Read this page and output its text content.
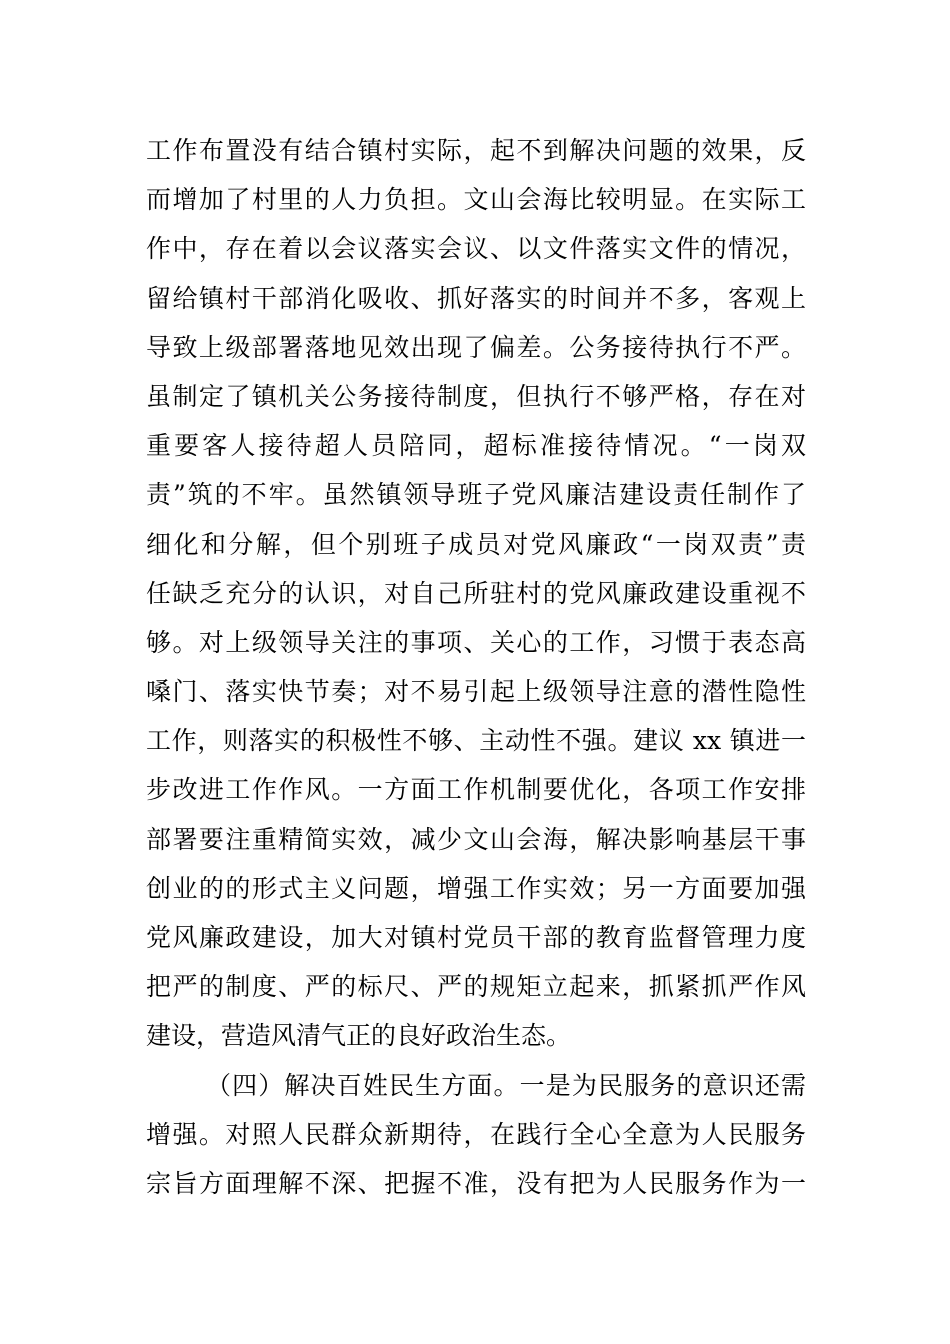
工作布置没有结合镇村实际，起不到解决问题的效果，反
而增加了村里的人力负担。文山会海比较明显。在实际工
作中，存在着以会议落实会议、以文件落实文件的情况，
留给镇村干部消化吸收、抓好落实的时间并不多，客观上
导致上级部署落地见效出现了偏差。公务接待执行不严。
虽制定了镇机关公务接待制度，但执行不够严格，存在对
重要客人接待超人员陪同，超标准接待情况。“一岗双
责”筑的不牢。虽然镇领导班子党风廉洁建设责任制作了
细化和分解，但个别班子成员对党风廉政“一岗双责”责
任缺乏充分的认识，对自己所驻村的党风廉政建设重视不
够。对上级领导关注的事项、关心的工作，习惯于表态高
嗓门、落实快节奏；对不易引起上级领导注意的潜性隐性
工作，则落实的积极性不够、主动性不强。建议 xx 镇进一
步改进工作作风。一方面工作机制要优化，各项工作安排
部署要注重精简实效，减少文山会海，解决影响基层干事
创业的的形式主义问题，增强工作实效；另一方面要加强
党风廉政建设，加大对镇村党员干部的教育监督管理力度
把严的制度、严的标尺、严的规矩立起来，抓紧抓严作风
建设，营造风清气正的良好政治生态。
（四）解决百姓民生方面。一是为民服务的意识还需
增强。对照人民群众新期待，在践行全心全意为人民服务
宗旨方面理解不深、把握不准，没有把为人民服务作为一
